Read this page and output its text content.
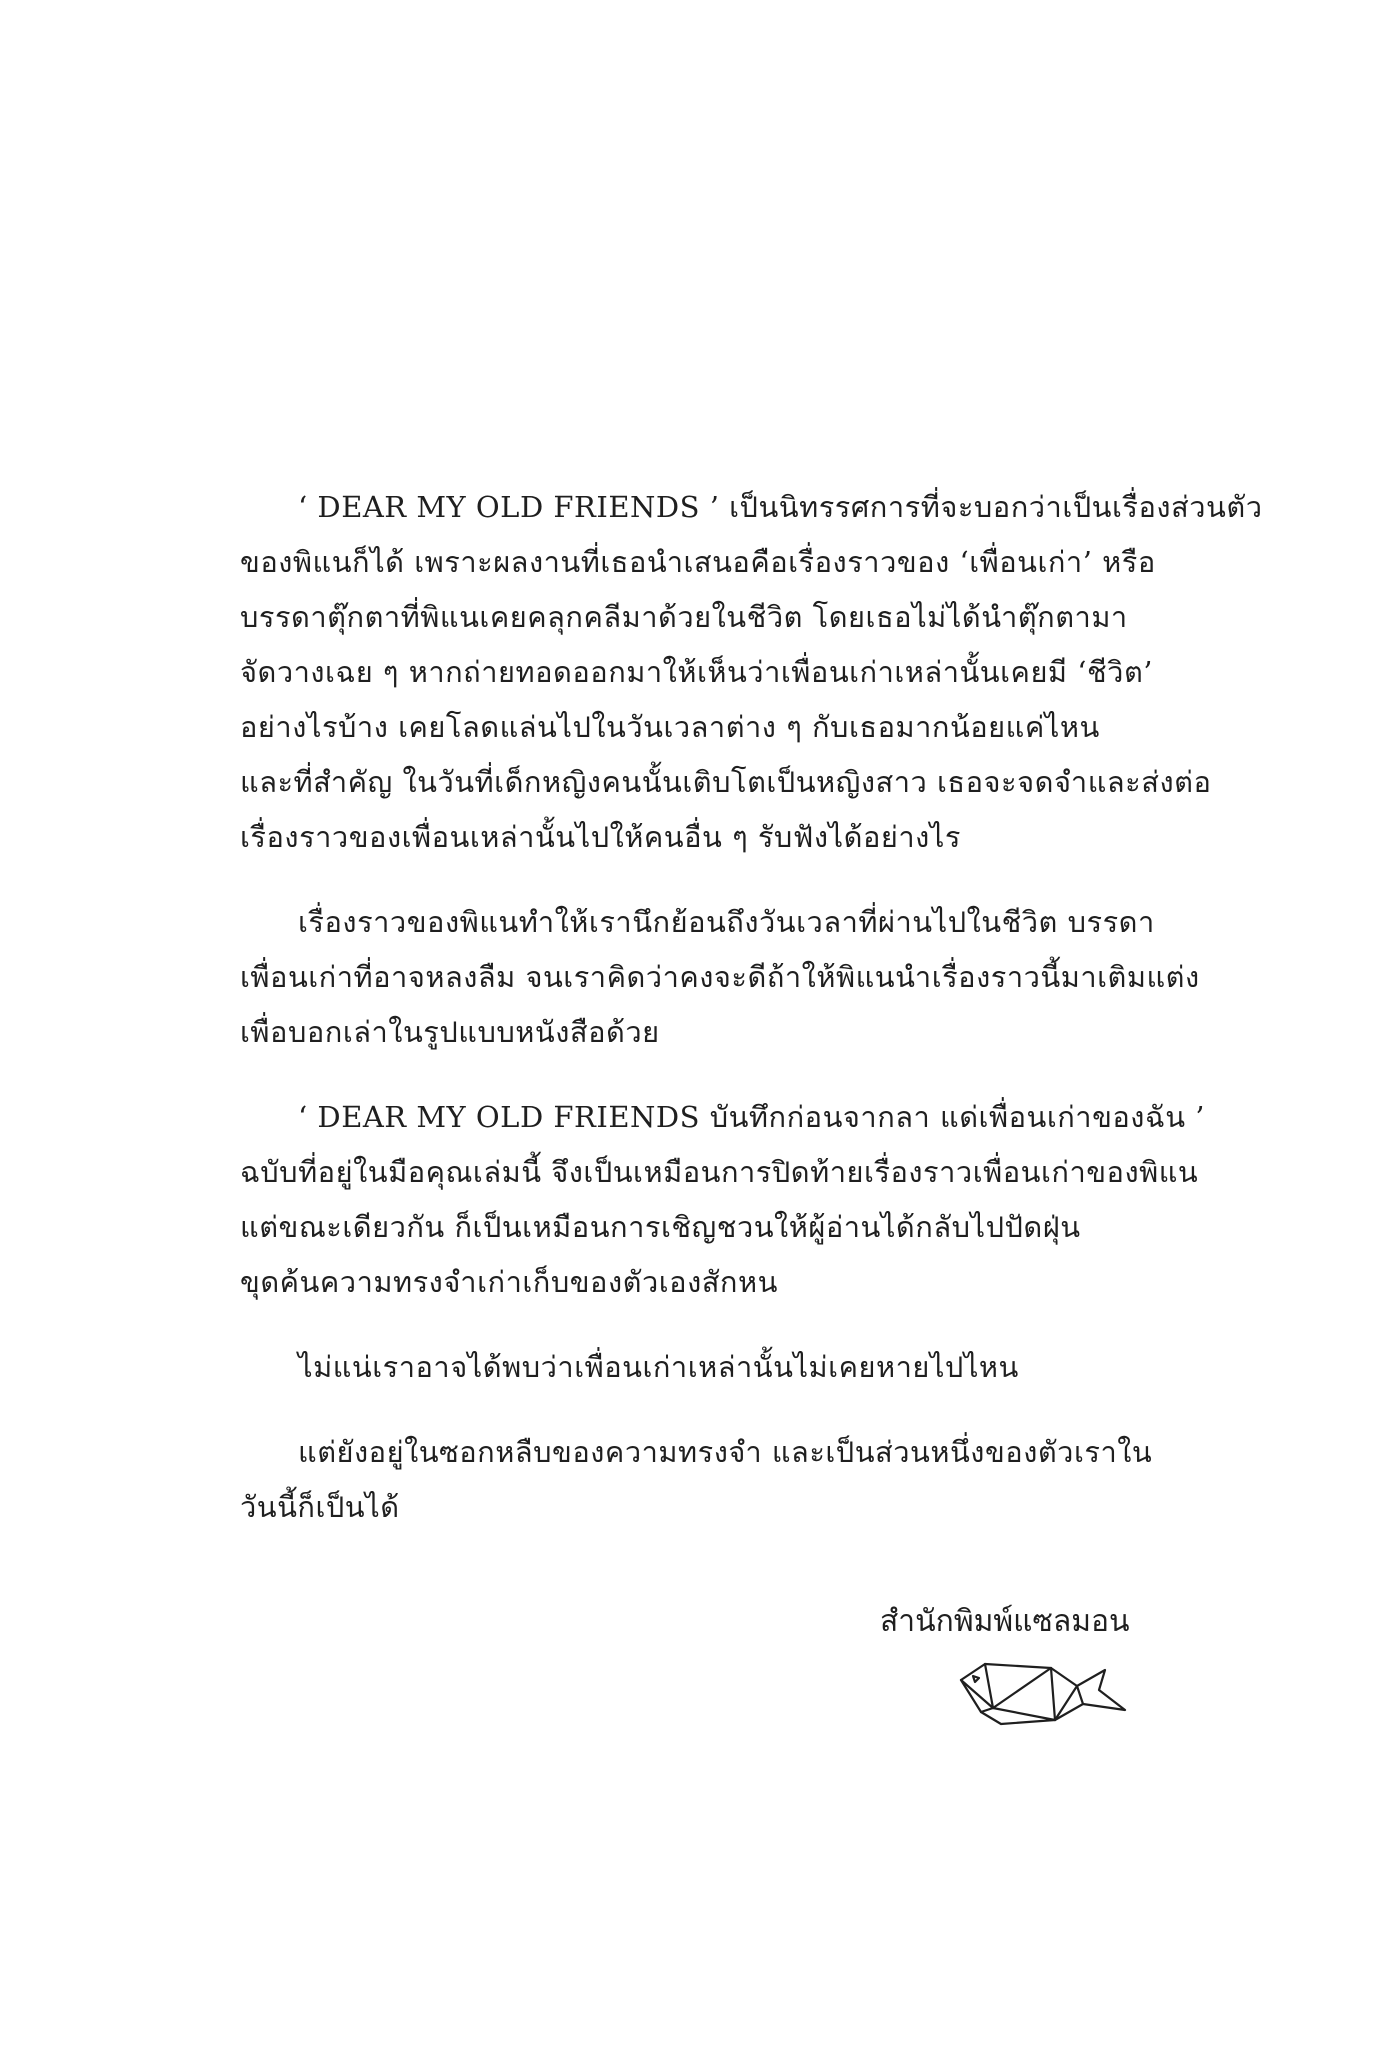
‘ DEAR MY OLD FRIENDS ’ เป็นนิทรรศการที่จะบอกว่าเป็นเรื่องส่วนตัว
ของพิแนก็ได้ เพราะผลงานที่เธอนำเสนอคือเรื่องราวของ ‘เพื่อนเก่า’ หรือ
บรรดาตุ๊กตาที่พิแนเคยคลุกคลีมาด้วยในชีวิต โดยเธอไม่ได้นำตุ๊กตามา
จัดวางเฉย ๆ หากถ่ายทอดออกมาให้เห็นว่าเพื่อนเก่าเหล่านั้นเคยมี ‘ชีวิต’
อย่างไรบ้าง เคยโลดแล่นไปในวันเวลาต่าง ๆ กับเธอมากน้อยแค่ไหน
และที่สำคัญ ในวันที่เด็กหญิงคนนั้นเติบโตเป็นหญิงสาว เธอจะจดจำและส่งต่อ
เรื่องราวของเพื่อนเหล่านั้นไปให้คนอื่น ๆ รับฟังได้อย่างไร

เรื่องราวของพิแนทำให้เรานึกย้อนถึงวันเวลาที่ผ่านไปในชีวิต บรรดา
เพื่อนเก่าที่อาจหลงลืม จนเราคิดว่าคงจะดีถ้าให้พิแนนำเรื่องราวนี้มาเติมแต่ง
เพื่อบอกเล่าในรูปแบบหนังสือด้วย

‘ DEAR MY OLD FRIENDS บันทึกก่อนจากลา แด่เพื่อนเก่าของฉัน ’
ฉบับที่อยู่ในมือคุณเล่มนี้ จึงเป็นเหมือนการปิดท้ายเรื่องราวเพื่อนเก่าของพิแน
แต่ขณะเดียวกัน ก็เป็นเหมือนการเชิญชวนให้ผู้อ่านได้กลับไปปัดฝุ่น
ขุดค้นความทรงจำเก่าเก็บของตัวเองสักหน

ไม่แน่เราอาจได้พบว่าเพื่อนเก่าเหล่านั้นไม่เคยหายไปไหน

แต่ยังอยู่ในซอกหลืบของความทรงจำ และเป็นส่วนหนึ่งของตัวเราใน
วันนี้ก็เป็นได้

สำนักพิมพ์แซลมอน
